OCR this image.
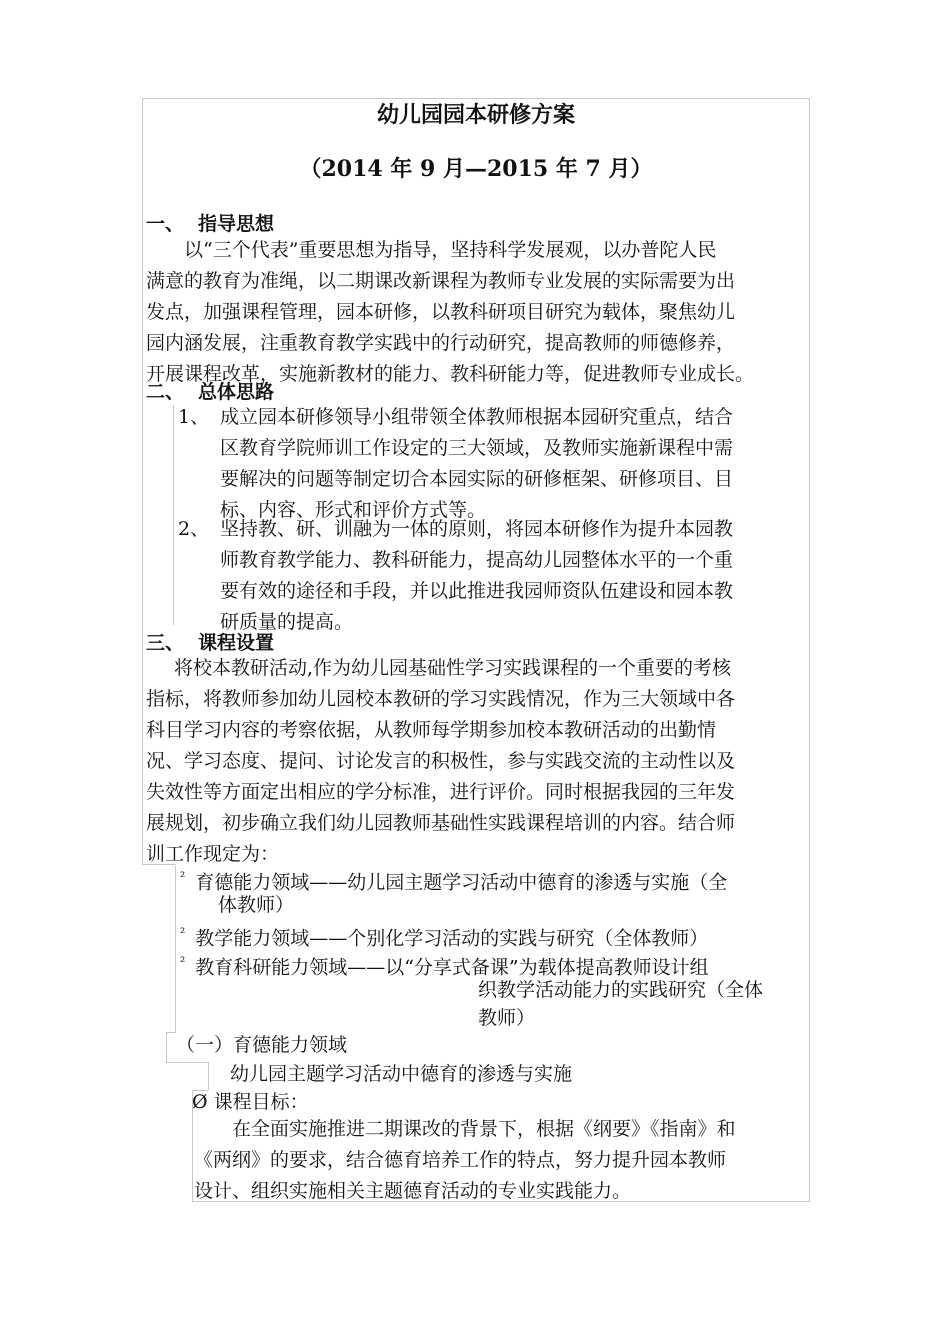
幼儿园园本研修方案
（2014 年 9 月—2015 年 7 月）
一、 指导思想
以“三个代表”重要思想为指导，坚持科学发展观，以办普陀人民
满意的教育为准绳，以二期课改新课程为教师专业发展的实际需要为出
发点，加强课程管理，园本研修，以教科研项目研究为载体，聚焦幼儿
园内涵发展，注重教育教学实践中的行动研究，提高教师的师德修养，
开展课程改革，实施新教材的能力、教科研能力等，促进教师专业成长。
二、 总体思路
1、 成立园本研修领导小组带领全体教师根据本园研究重点，结合
区教育学院师训工作设定的三大领域，及教师实施新课程中需
要解决的问题等制定切合本园实际的研修框架、研修项目、目
标、内容、形式和评价方式等。
2、 坚持教、研、训融为一体的原则，将园本研修作为提升本园教
师教育教学能力、教科研能力，提高幼儿园整体水平的一个重
要有效的途径和手段，并以此推进我园师资队伍建设和园本教
研质量的提高。
三、 课程设置
将校本教研活动,作为幼儿园基础性学习实践课程的一个重要的考核
指标，将教师参加幼儿园校本教研的学习实践情况，作为三大领域中各
科目学习内容的考察依据，从教师每学期参加校本教研活动的出勤情
况、学习态度、提问、讨论发言的积极性，参与实践交流的主动性以及
失效性等方面定出相应的学分标准，进行评价。同时根据我园的三年发
展规划，初步确立我们幼儿园教师基础性实践课程培训的内容。结合师
训工作现定为：
$^{^2}$ 育德能力领域——幼儿园主题学习活动中德育的渗透与实施（全
体教师）
$^{^2}$ 教学能力领域——个别化学习活动的实践与研究（全体教师）
$^{^2}$ 教育科研能力领域——以“分享式备课”为载体提高教师设计组
织教学活动能力的实践研究（全体
教师）
（一）育德能力领域
幼儿园主题学习活动中德育的渗透与实施
Ø 课程目标：
在全面实施推进二期课改的背景下，根据《纲要》《指南》和
《两纲》的要求，结合德育培养工作的特点，努力提升园本教师
设计、组织实施相关主题德育活动的专业实践能力。
